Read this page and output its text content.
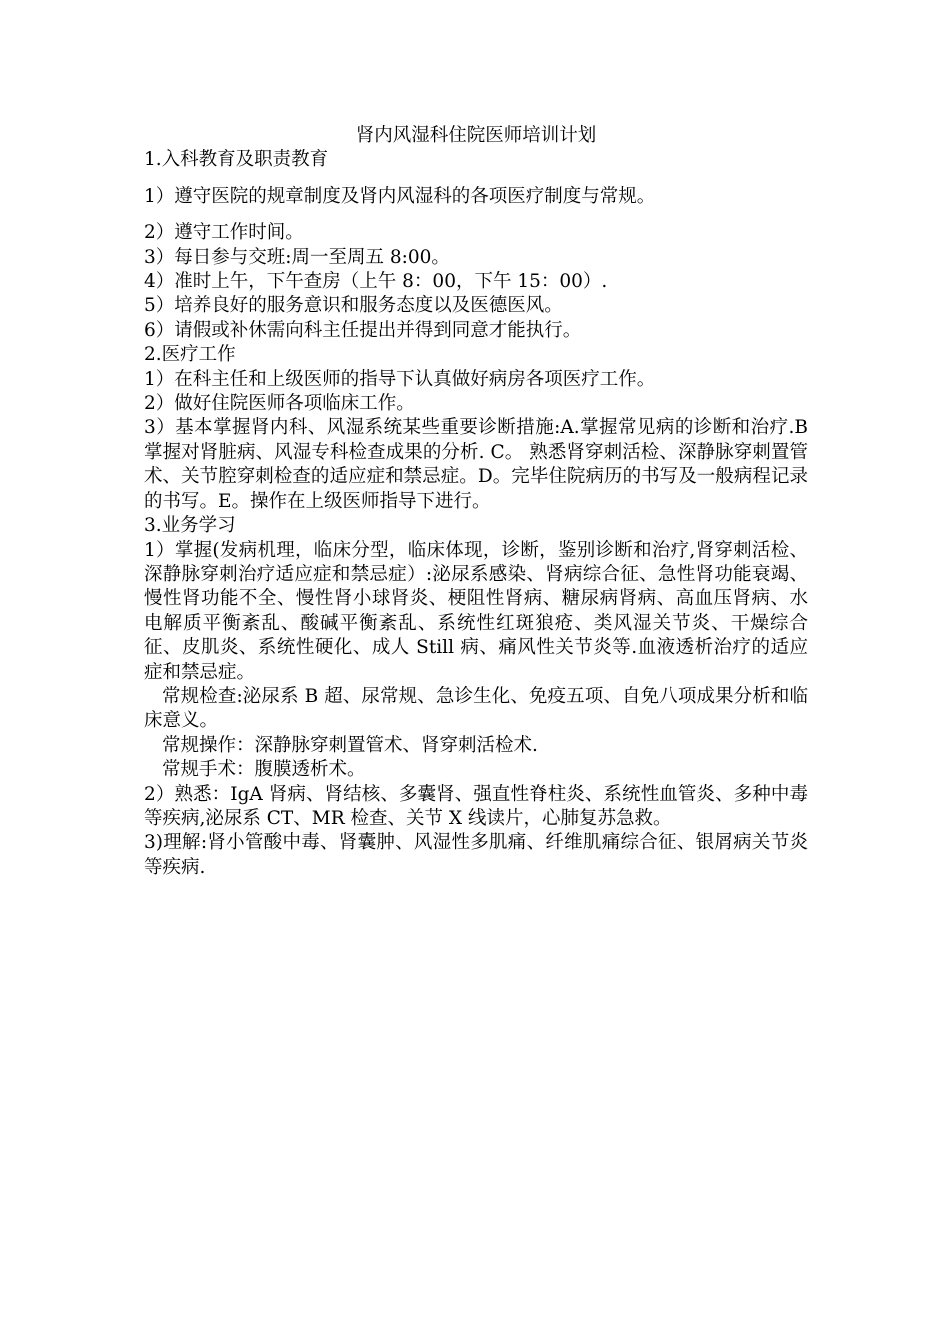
肾内风湿科住院医师培训计划

1.入科教育及职责教育

1）遵守医院的规章制度及肾内风湿科的各项医疗制度与常规。

2）遵守工作时间。

3）每日参与交班:周一至周五 8:00。

4）准时上午，下午查房（上午 8：00，下午 15：00）.

5）培养良好的服务意识和服务态度以及医德医风。

6）请假或补休需向科主任提出并得到同意才能执行。

2.医疗工作

1）在科主任和上级医师的指导下认真做好病房各项医疗工作。

2）做好住院医师各项临床工作。

3）基本掌握肾内科、风湿系统某些重要诊断措施:A.掌握常见病的诊断和治疗.B 掌握对肾脏病、风湿专科检查成果的分析. C。 熟悉肾穿刺活检、深静脉穿刺置管术、关节腔穿刺检查的适应症和禁忌症。D。完毕住院病历的书写及一般病程记录的书写。E。操作在上级医师指导下进行。

3.业务学习

1）掌握(发病机理，临床分型，临床体现，诊断，鉴别诊断和治疗,肾穿刺活检、深静脉穿刺治疗适应症和禁忌症）:泌尿系感染、肾病综合征、急性肾功能衰竭、慢性肾功能不全、慢性肾小球肾炎、梗阻性肾病、糖尿病肾病、高血压肾病、水电解质平衡紊乱、酸碱平衡紊乱、系统性红斑狼疮、类风湿关节炎、干燥综合征、皮肌炎、系统性硬化、成人 Still 病、痛风性关节炎等.血液透析治疗的适应症和禁忌症。

常规检查:泌尿系 B 超、尿常规、急诊生化、免疫五项、自免八项成果分析和临床意义。

常规操作：深静脉穿刺置管术、肾穿刺活检术.

常规手术：腹膜透析术。

2）熟悉：IgA 肾病、肾结核、多囊肾、强直性脊柱炎、系统性血管炎、多种中毒等疾病,泌尿系 CT、MR 检查、关节 X 线读片，心肺复苏急救。

3)理解:肾小管酸中毒、肾囊肿、风湿性多肌痛、纤维肌痛综合征、银屑病关节炎等疾病.
